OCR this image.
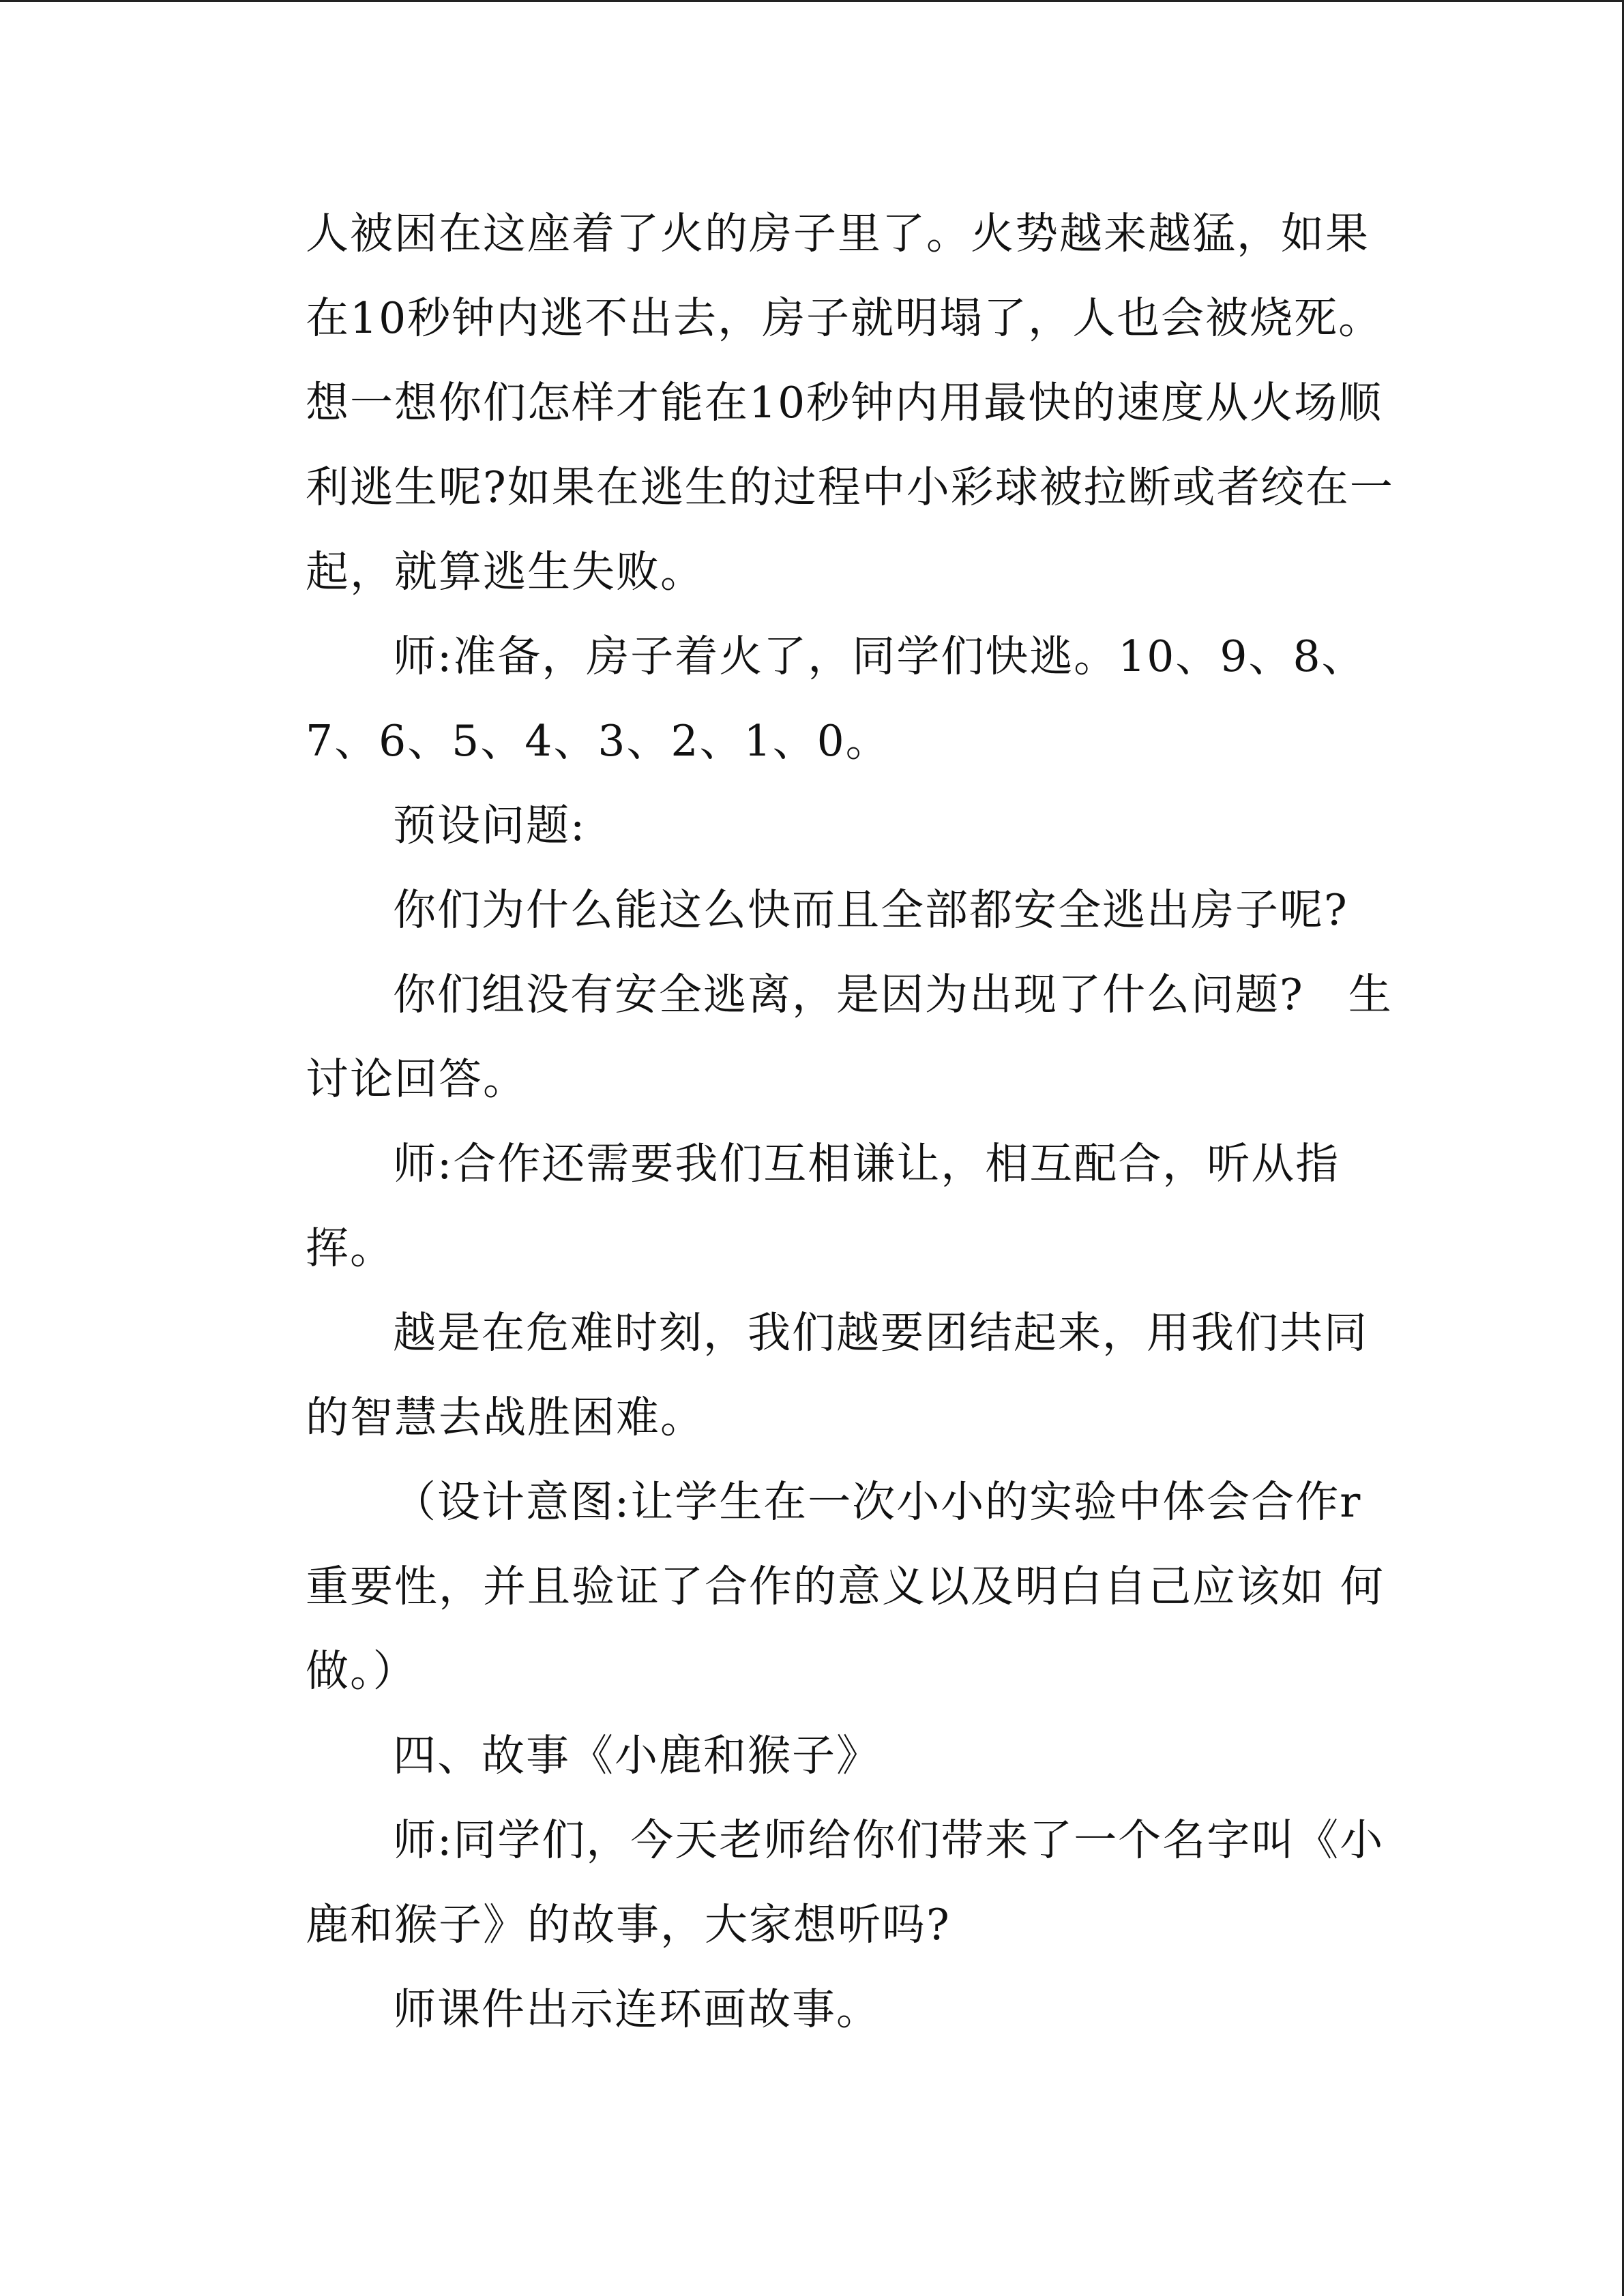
人被困在这座着了火的房子里了。火势越来越猛，如果
在10秒钟内逃不出去，房子就明塌了，人也会被烧死。
想一想你们怎样才能在10秒钟内用最快的速度从火场顺
利逃生呢?如果在逃生的过程中小彩球被拉断或者绞在一
起，就算逃生失败。
师:准备，房子着火了，同学们快逃。10、9、8、
7、6、5、4、3、2、1、0。
预设问题:
你们为什么能这么快而且全部都安全逃出房子呢?
你们组没有安全逃离，是因为出现了什么问题?　生
讨论回答。
师:合作还需要我们互相谦让，相互配合，听从指
挥。
越是在危难时刻，我们越要团结起来，用我们共同
的智慧去战胜困难。
（设计意图:让学生在一次小小的实验中体会合作r
重要性，并且验证了合作的意义以及明白自己应该如 何
做。）
四、故事《小鹿和猴子》
师:同学们，今天老师给你们带来了一个名字叫《小
鹿和猴子》的故事，大家想听吗?
师课件出示连环画故事。
